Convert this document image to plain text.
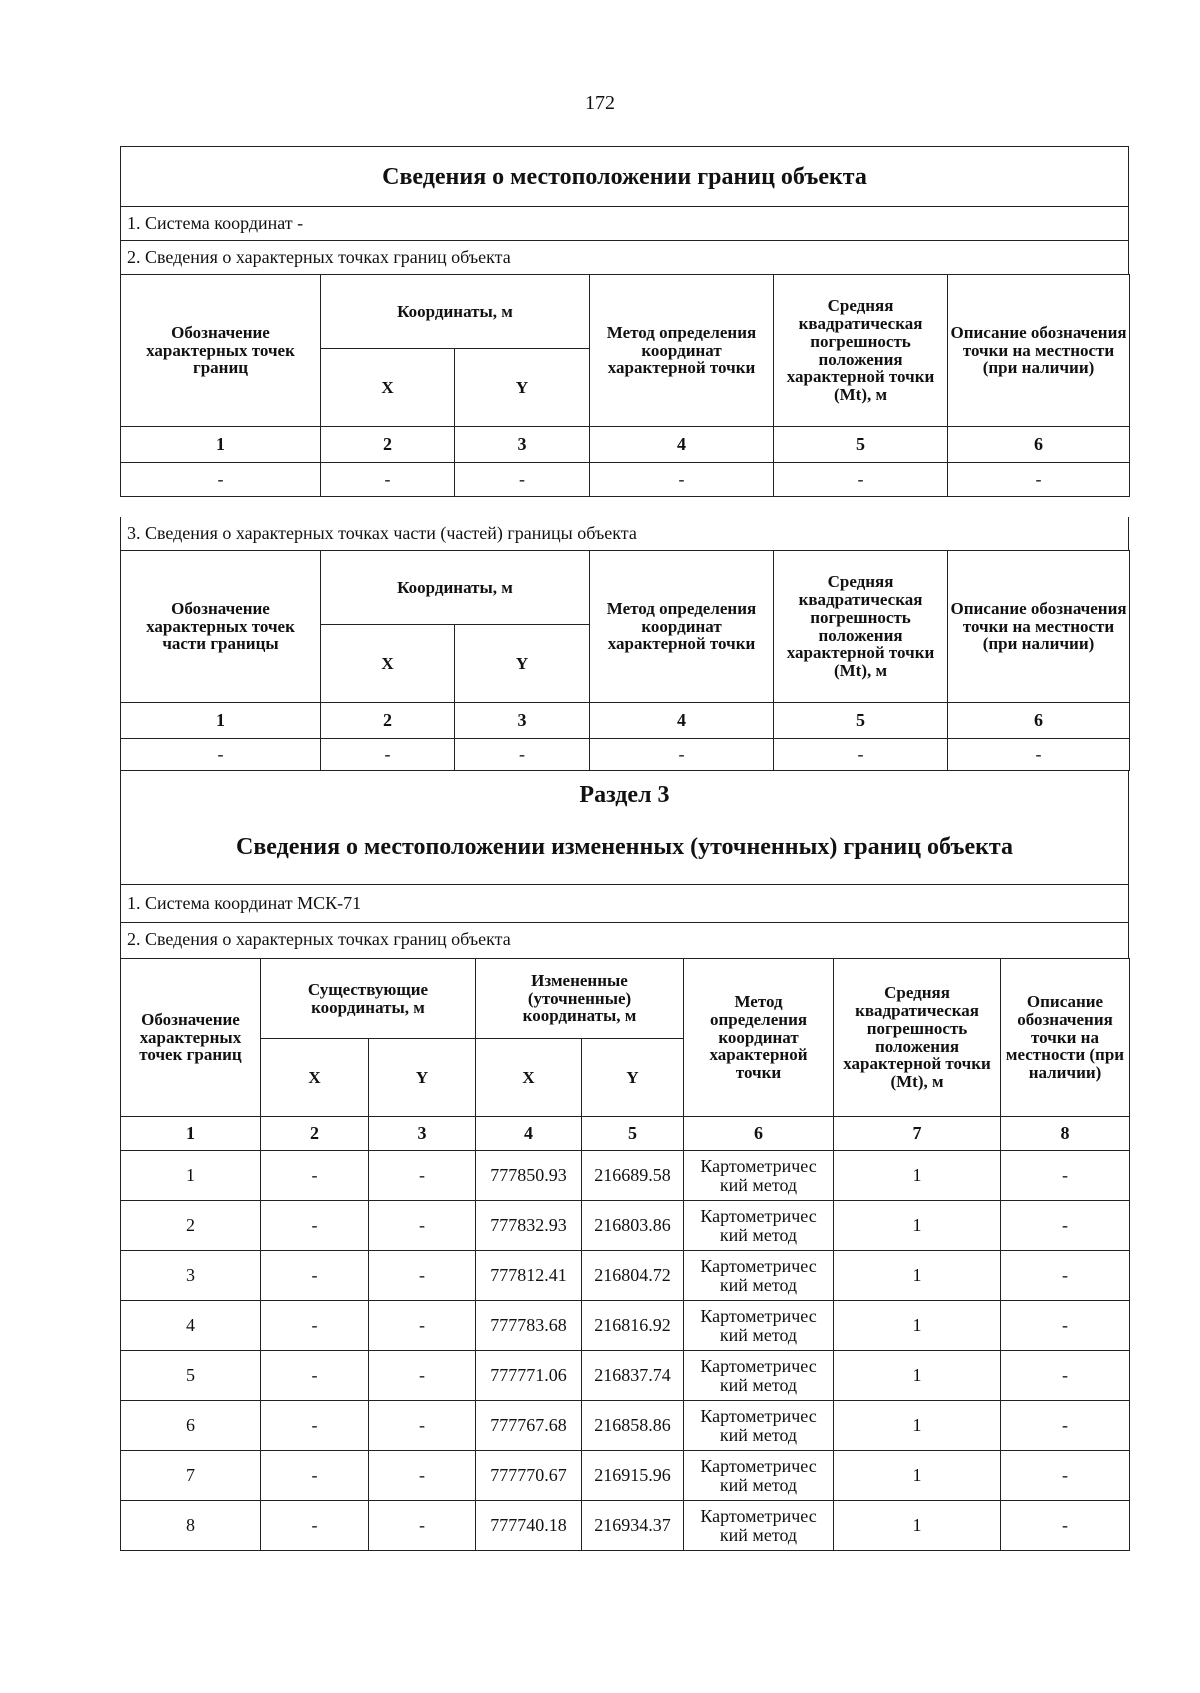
172
Сведения о местоположении границ объекта
1. Система координат -
2. Сведения о характерных точках границ объекта
Обозначение характерных точек границ	Координаты, м		Метод определения координат характерной точки	Средняя квадратическая погрешность положения характерной точки (Mt), м	Описание обозначения точки на местности (при наличии)
	X	Y			
1	2	3	4	5	6
-	-	-	-	-	-
3. Сведения о характерных точках части (частей) границы объекта
Обозначение характерных точек части границы	Координаты, м		Метод определения координат характерной точки	Средняя квадратическая погрешность положения характерной точки (Mt), м	Описание обозначения точки на местности (при наличии)
	X	Y			
1	2	3	4	5	6
-	-	-	-	-	-
Раздел 3
Сведения о местоположении измененных (уточненных) границ объекта
1. Система координат МСК-71
2. Сведения о характерных точках границ объекта
Обозначение характерных точек границ	Существующие координаты, м		Измененные (уточненные) координаты, м		Метод определения координат характерной точки	Средняя квадратическая погрешность положения характерной точки (Mt), м	Описание обозначения точки на местности (при наличии)
	X	Y	X	Y			
1	2	3	4	5	6	7	8
1	-	-	777850.93	216689.58	Картометричес кий метод	1	-
2	-	-	777832.93	216803.86	Картометричес кий метод	1	-
3	-	-	777812.41	216804.72	Картометричес кий метод	1	-
4	-	-	777783.68	216816.92	Картометричес кий метод	1	-
5	-	-	777771.06	216837.74	Картометричес кий метод	1	-
6	-	-	777767.68	216858.86	Картометричес кий метод	1	-
7	-	-	777770.67	216915.96	Картометричес кий метод	1	-
8	-	-	777740.18	216934.37	Картометричес кий метод	1	-
